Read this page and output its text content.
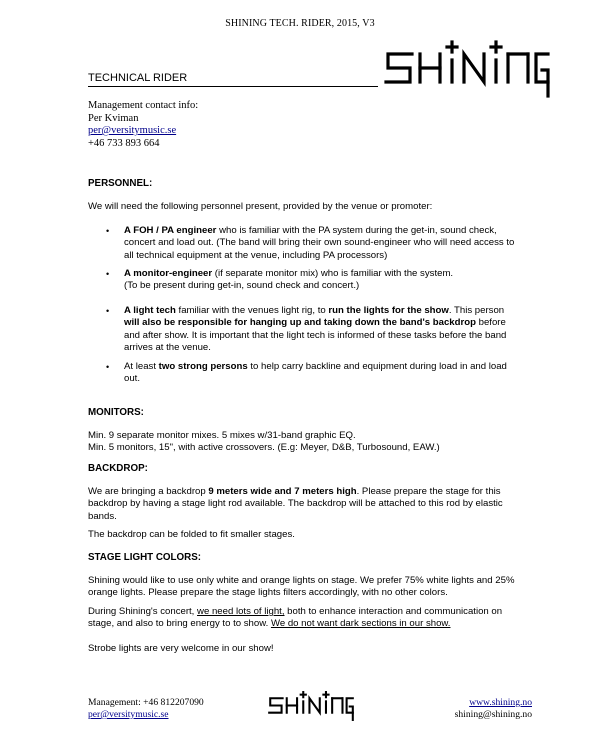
SHINING TECH. RIDER, 2015, V3
TECHNICAL RIDER
Management contact info:
Per Kviman
per@versitymusic.se
+46 733 893 664
PERSONNEL:
We will need the following personnel present, provided by the venue or promoter:
• A FOH / PA engineer who is familiar with the PA system during the get-in, sound check, concert and load out. (The band will bring their own sound-engineer who will need access to all technical equipment at the venue, including PA processors)
• A monitor-engineer (if separate monitor mix) who is familiar with the system.
(To be present during get-in, sound check and concert.)
• A light tech familiar with the venues light rig, to run the lights for the show. This person will also be responsible for hanging up and taking down the band's backdrop before and after show. It is important that the light tech is informed of these tasks before the band arrives at the venue.
• At least two strong persons to help carry backline and equipment during load in and load out.
MONITORS:
Min. 9 separate monitor mixes. 5 mixes w/31-band graphic EQ.
Min. 5 monitors, 15", with active crossovers. (E.g: Meyer, D&B, Turbosound, EAW.)
BACKDROP:
We are bringing a backdrop 9 meters wide and 7 meters high. Please prepare the stage for this backdrop by having a stage light rod available. The backdrop will be attached to this rod by elastic bands.
The backdrop can be folded to fit smaller stages.
STAGE LIGHT COLORS:
Shining would like to use only white and orange lights on stage. We prefer 75% white lights and 25% orange lights. Please prepare the stage lights filters accordingly, with no other colors.
During Shining's concert, we need lots of light, both to enhance interaction and communication on stage, and also to bring energy to to show. We do not want dark sections in our show.
Strobe lights are very welcome in our show!
Management: +46 812207090
per@versitymusic.se
www.shining.no
shining@shining.no
